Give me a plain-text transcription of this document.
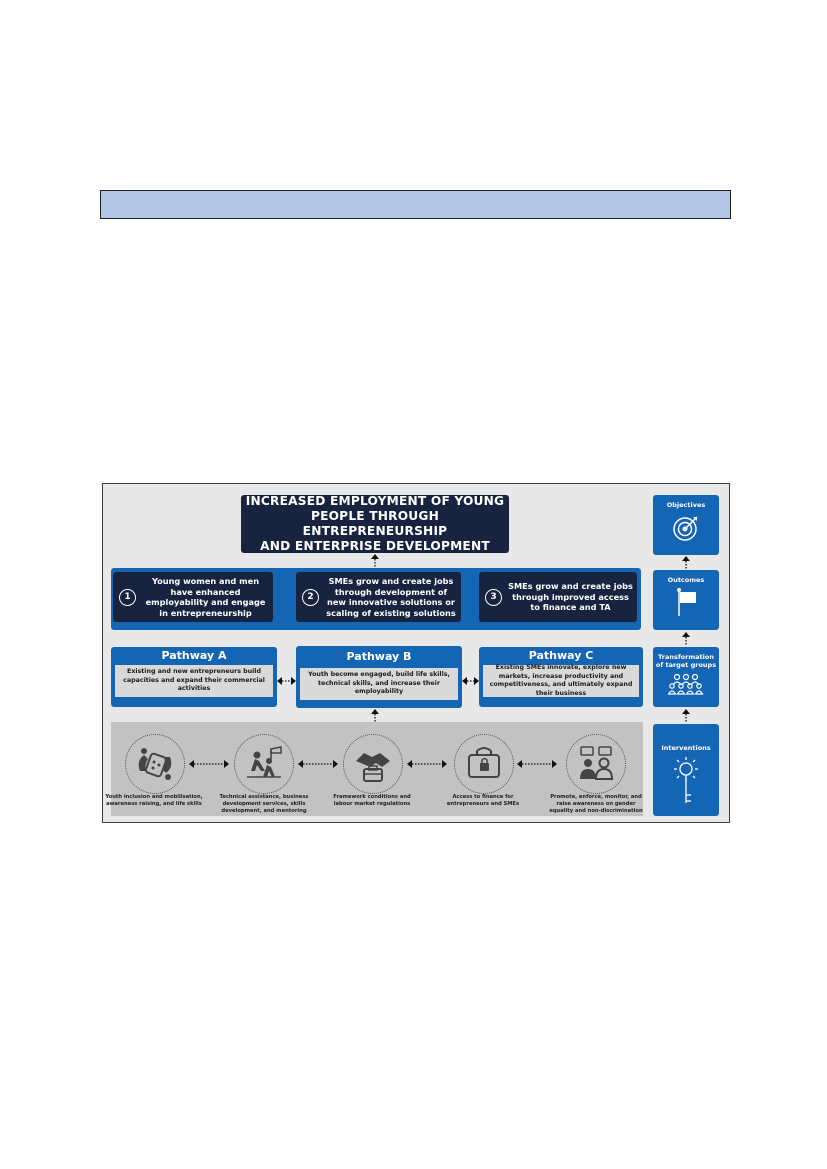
INCREASED EMPLOYMENT OF YOUNG
PEOPLE THROUGH ENTREPRENEURSHIP
AND ENTERPRISE DEVELOPMENT
1
Young women and men have enhanced employability and engage in entrepreneurship
2
SMEs grow and create jobs through development of new innovative solutions or scaling of existing solutions
3
SMEs grow and create jobs through improved access to finance and TA
Pathway A
Existing and new entrepreneurs build capacities and expand their commercial activities
Pathway B
Youth become engaged, build life skills, technical skills, and increase their employability
Pathway C
Existing SMEs innovate, explore new markets, increase productivity and competitiveness, and ultimately expand their business
Youth inclusion and mobilisation, awareness raising, and life skills
Technical assistance, business development services, skills development, and mentoring
Framework conditions and labour market regulations
Access to finance for entrepreneurs and SMEs
Promote, enforce, monitor, and raise awareness on gender equality and non-discrimination
Objectives
Outcomes
Transformation of target groups
Interventions
